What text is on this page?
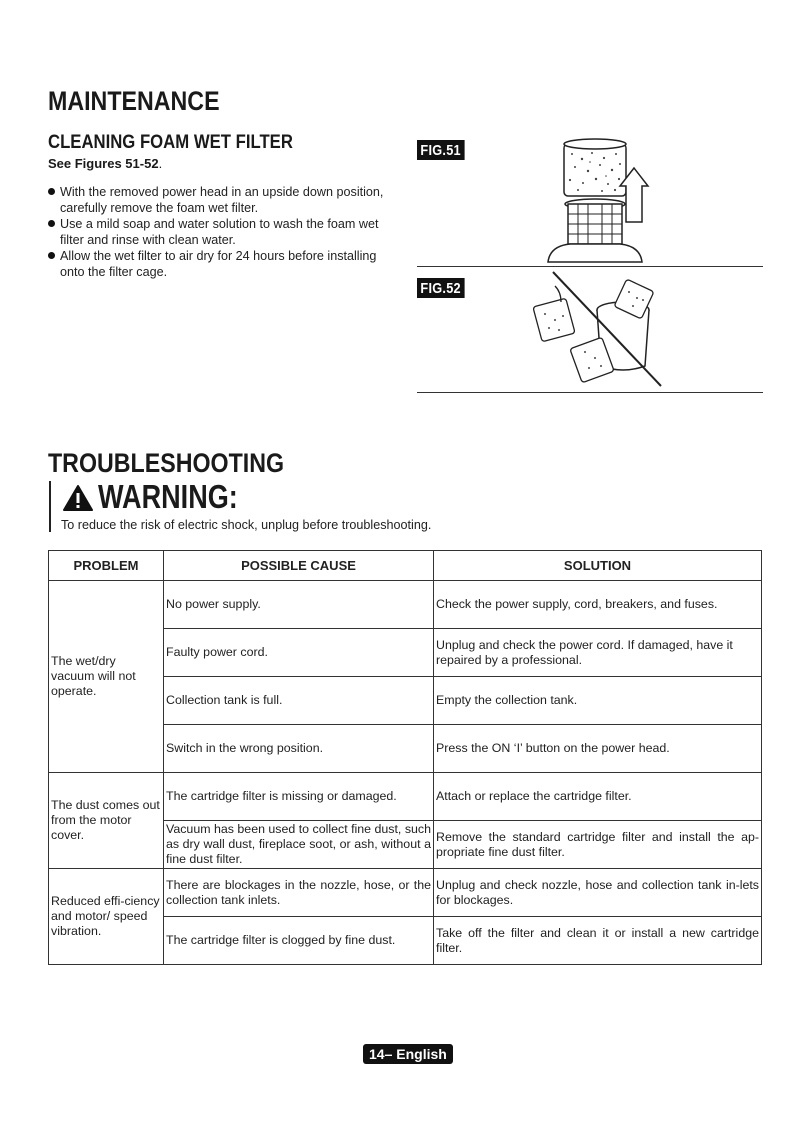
MAINTENANCE
CLEANING FOAM WET FILTER
See Figures 51-52.
With the removed power head in an upside down position, carefully remove the foam wet filter.
Use a mild soap and water solution to wash the foam wet filter and rinse with clean water.
Allow the wet filter to air dry for 24 hours before installing onto the filter cage.
FIG.51
FIG.52
TROUBLESHOOTING
WARNING:
To reduce the risk of electric shock, unplug before troubleshooting.
PROBLEM	POSSIBLE CAUSE	SOLUTION
The wet/dry vacuum will not operate.	No power supply.	Check the power supply, cord, breakers, and fuses.
	Faulty power cord.	Unplug and check the power cord. If damaged, have it repaired by a professional.
	Collection tank is full.	Empty the collection tank.
	Switch in the wrong position.	Press the ON ‘I’ button on the power head.
The dust comes out from the motor cover.	The cartridge filter is missing or damaged.	Attach or replace the cartridge filter.
	Vacuum has been used to collect fine dust, such as dry wall dust, fireplace soot, or ash, without a fine dust filter.	Remove the standard cartridge filter and install the ap-propriate fine dust filter.
Reduced effi-ciency and motor/ speed vibration.	There are blockages in the nozzle, hose, or the collection tank inlets.	Unplug and check nozzle, hose and collection tank in-lets for blockages.
	The cartridge filter is clogged by fine dust.	Take off the filter and clean it or install a new cartridge filter.
14– English
